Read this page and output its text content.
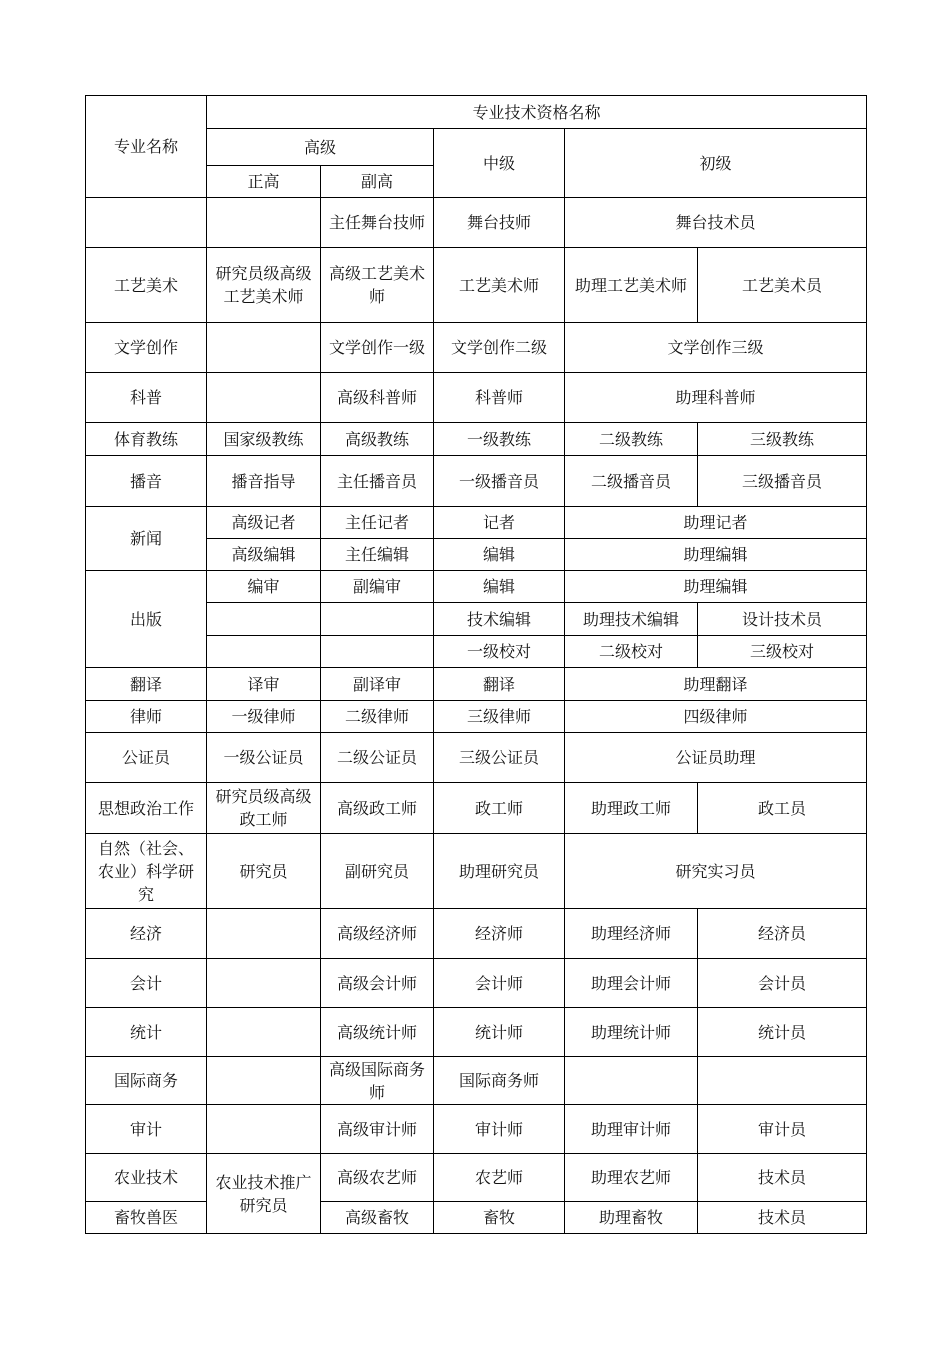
专业名称	专业技术资格名称				
	高级		中级	初级	
	正高	副高			
		主任舞台技师	舞台技师	舞台技术员	
工艺美术	研究员级高级工艺美术师	高级工艺美术师	工艺美术师	助理工艺美术师	工艺美术员
文学创作		文学创作一级	文学创作二级	文学创作三级	
科普		高级科普师	科普师	助理科普师	
体育教练	国家级教练	高级教练	一级教练	二级教练	三级教练
播音	播音指导	主任播音员	一级播音员	二级播音员	三级播音员
新闻	高级记者	主任记者	记者	助理记者	
	高级编辑	主任编辑	编辑	助理编辑	
出版	编审	副编审	编辑	助理编辑	
			技术编辑	助理技术编辑	设计技术员
			一级校对	二级校对	三级校对
翻译	译审	副译审	翻译	助理翻译	
律师	一级律师	二级律师	三级律师	四级律师	
公证员	一级公证员	二级公证员	三级公证员	公证员助理	
思想政治工作	研究员级高级政工师	高级政工师	政工师	助理政工师	政工员
自然（社会、农业）科学研究	研究员	副研究员	助理研究员	研究实习员	
经济		高级经济师	经济师	助理经济师	经济员
会计		高级会计师	会计师	助理会计师	会计员
统计		高级统计师	统计师	助理统计师	统计员
国际商务		高级国际商务师	国际商务师		
审计		高级审计师	审计师	助理审计师	审计员
农业技术	农业技术推广研究员	高级农艺师	农艺师	助理农艺师	技术员
畜牧兽医		高级畜牧	畜牧	助理畜牧	技术员
